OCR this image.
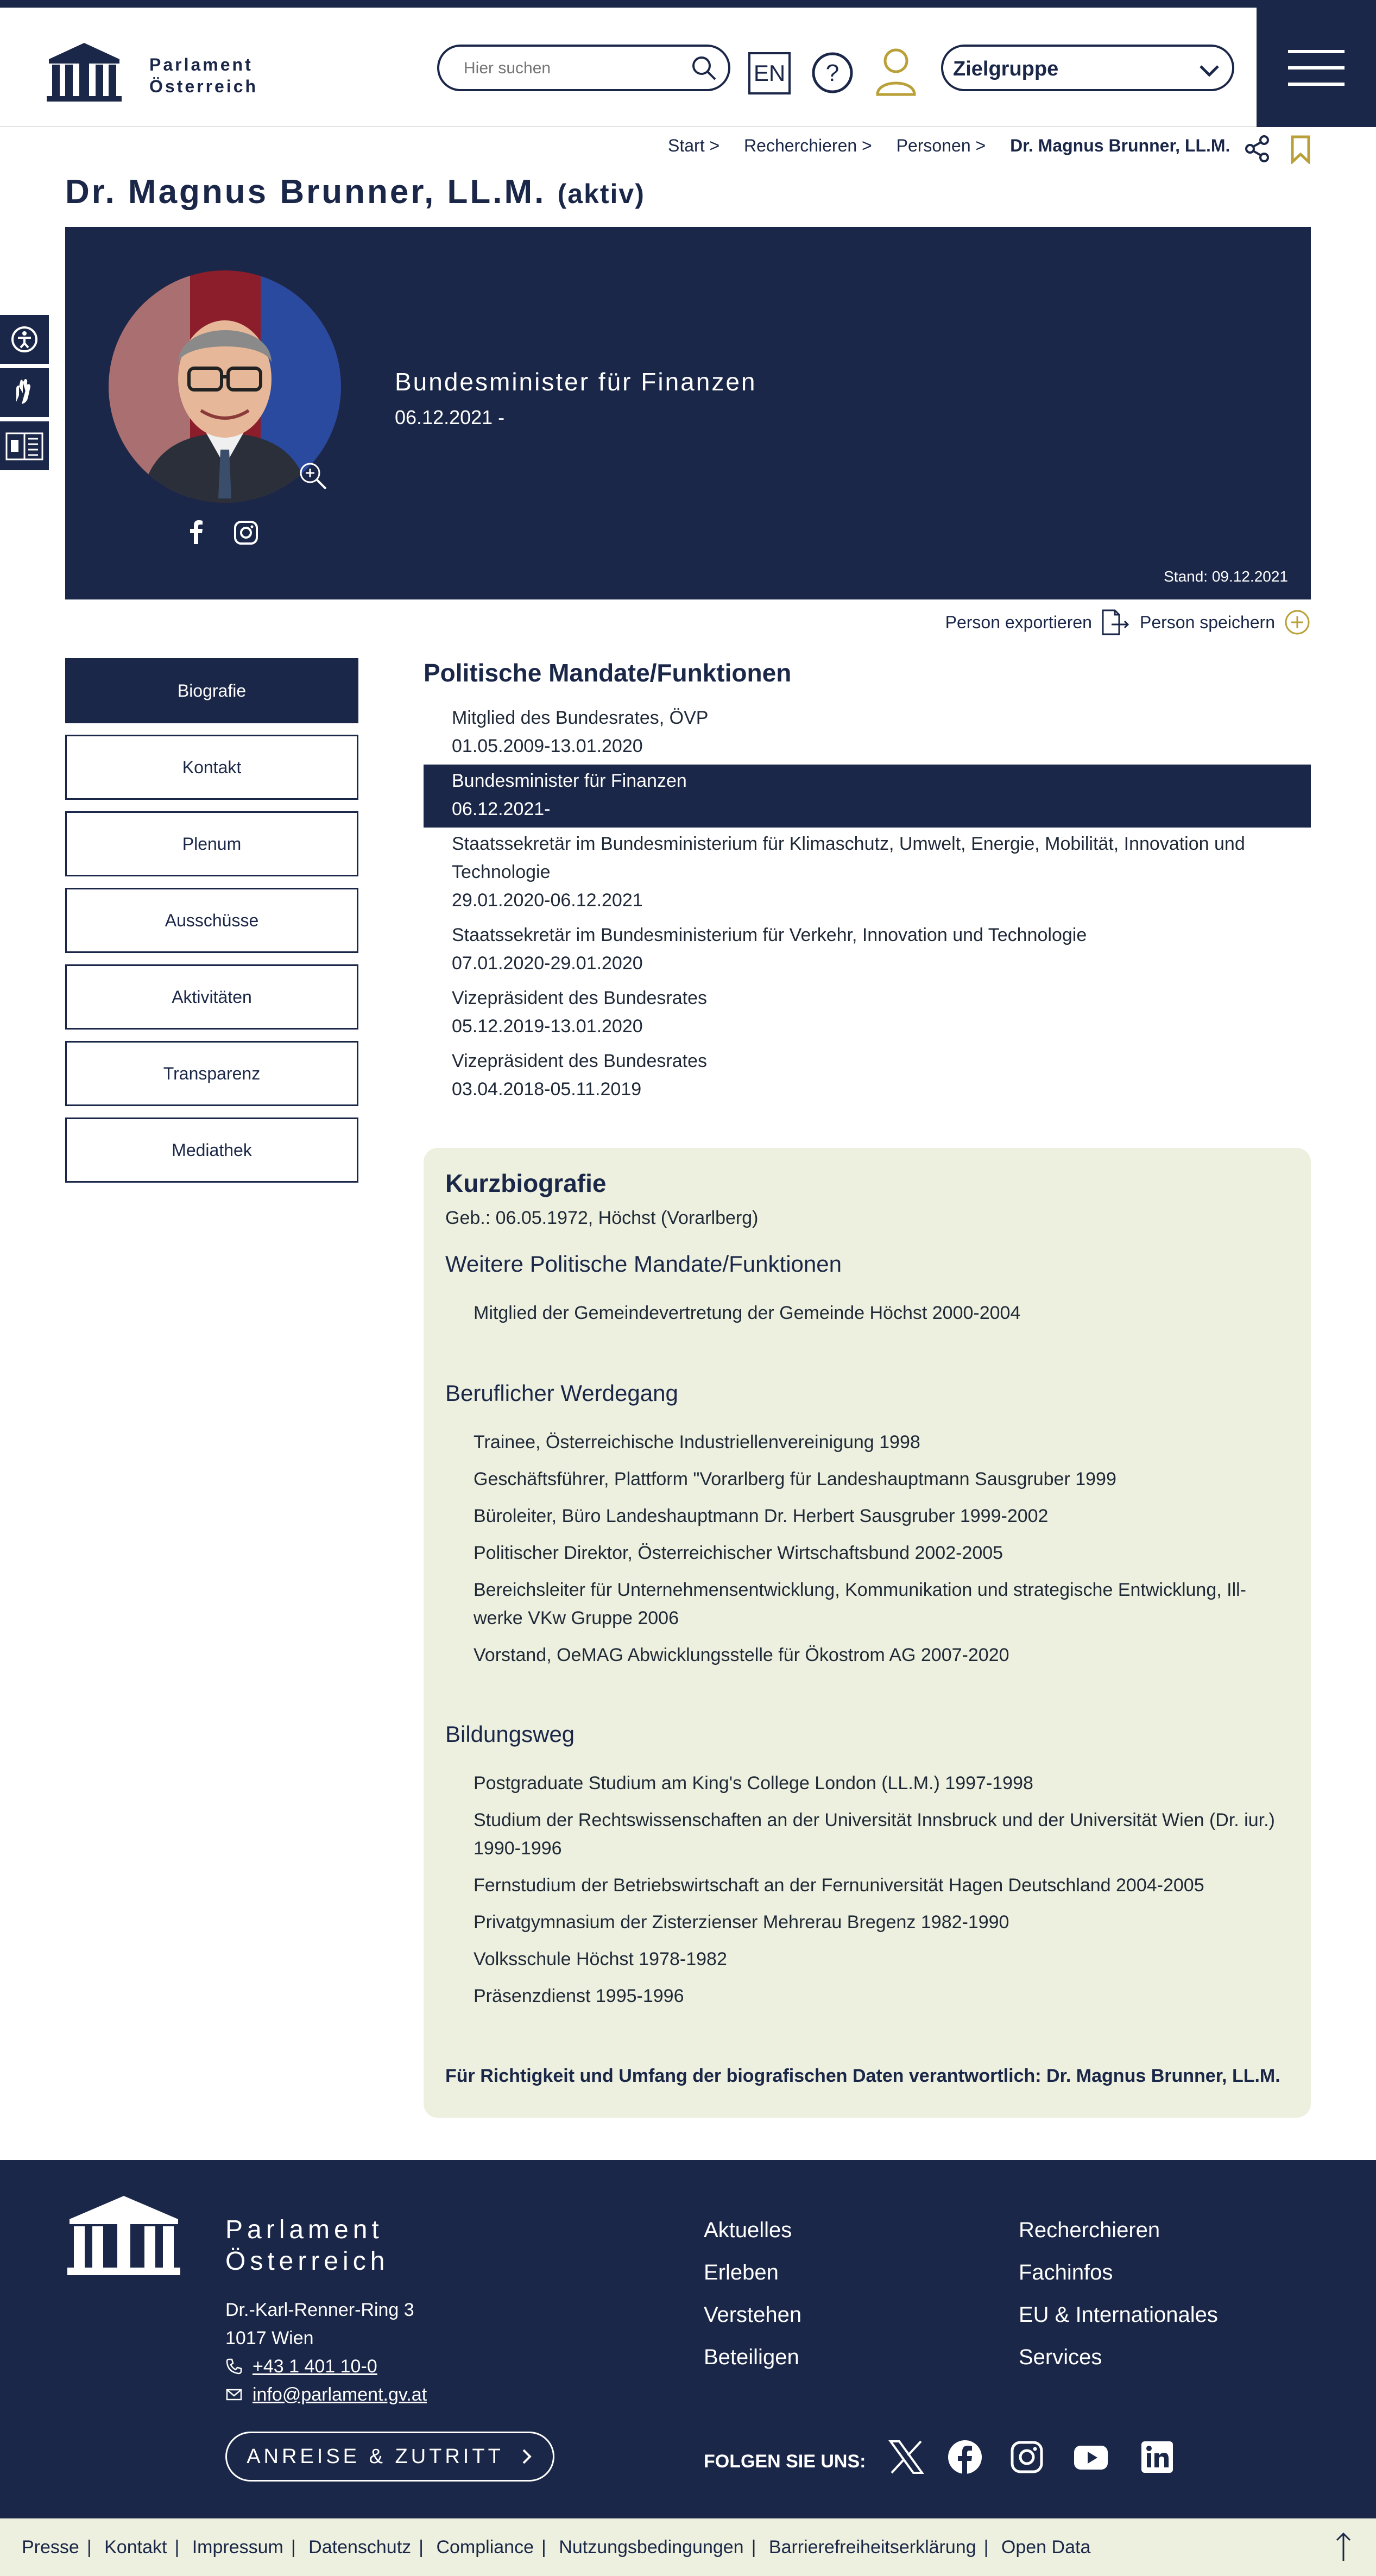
Parlament
Österreich
Hier suchen
EN ?	Zielgruppe
Start > Recherchieren > Personen > Dr. Magnus Brunner, LL.M.
Dr. Magnus Brunner, LL.M. (aktiv)
Bundesminister für Finanzen
06.12.2021 -
Stand: 09.12.2021
Person exportieren	Person speichern
Biografie
Kontakt
Plenum
Ausschüsse
Aktivitäten
Transparenz
Mediathek
Politische Mandate/Funktionen
Mitglied des Bundesrates, ÖVP
01.05.2009-13.01.2020
Bundesminister für Finanzen
06.12.2021-
Staatssekretär im Bundesministerium für Klimaschutz, Umwelt, Energie, Mobilität, Innovation und Technologie
29.01.2020-06.12.2021
Staatssekretär im Bundesministerium für Verkehr, Innovation und Technologie
07.01.2020-29.01.2020
Vizepräsident des Bundesrates
05.12.2019-13.01.2020
Vizepräsident des Bundesrates
03.04.2018-05.11.2019
Kurzbiografie
Geb.: 06.05.1972, Höchst (Vorarlberg)
Weitere Politische Mandate/Funktionen
Mitglied der Gemeindevertretung der Gemeinde Höchst 2000-2004
Beruflicher Werdegang
Trainee, Österreichische Industriellenvereinigung 1998
Geschäftsführer, Plattform "Vorarlberg für Landeshauptmann Sausgruber 1999
Büroleiter, Büro Landeshauptmann Dr. Herbert Sausgruber 1999-2002
Politischer Direktor, Österreichischer Wirtschaftsbund 2002-2005
Bereichsleiter für Unternehmensentwicklung, Kommunikation und strategische Entwicklung, Ill-werke VKw Gruppe 2006
Vorstand, OeMAG Abwicklungsstelle für Ökostrom AG 2007-2020
Bildungsweg
Postgraduate Studium am King's College London (LL.M.) 1997-1998
Studium der Rechtswissenschaften an der Universität Innsbruck und der Universität Wien (Dr. iur.) 1990-1996
Fernstudium der Betriebswirtschaft an der Fernuniversität Hagen Deutschland 2004-2005
Privatgymnasium der Zisterzienser Mehrerau Bregenz 1982-1990
Volksschule Höchst 1978-1982
Präsenzdienst 1995-1996
Für Richtigkeit und Umfang der biografischen Daten verantwortlich: Dr. Magnus Brunner, LL.M.
Parlament
Österreich
Dr.-Karl-Renner-Ring 3
1017 Wien
+43 1 401 10-0
info@parlament.gv.at
ANREISE & ZUTRITT
Aktuelles
Erleben
Verstehen
Beteiligen
Recherchieren
Fachinfos
EU & Internationales
Services
FOLGEN SIE UNS:
Presse | Kontakt | Impressum | Datenschutz | Compliance | Nutzungsbedingungen | Barrierefreiheitserklärung | Open Data
